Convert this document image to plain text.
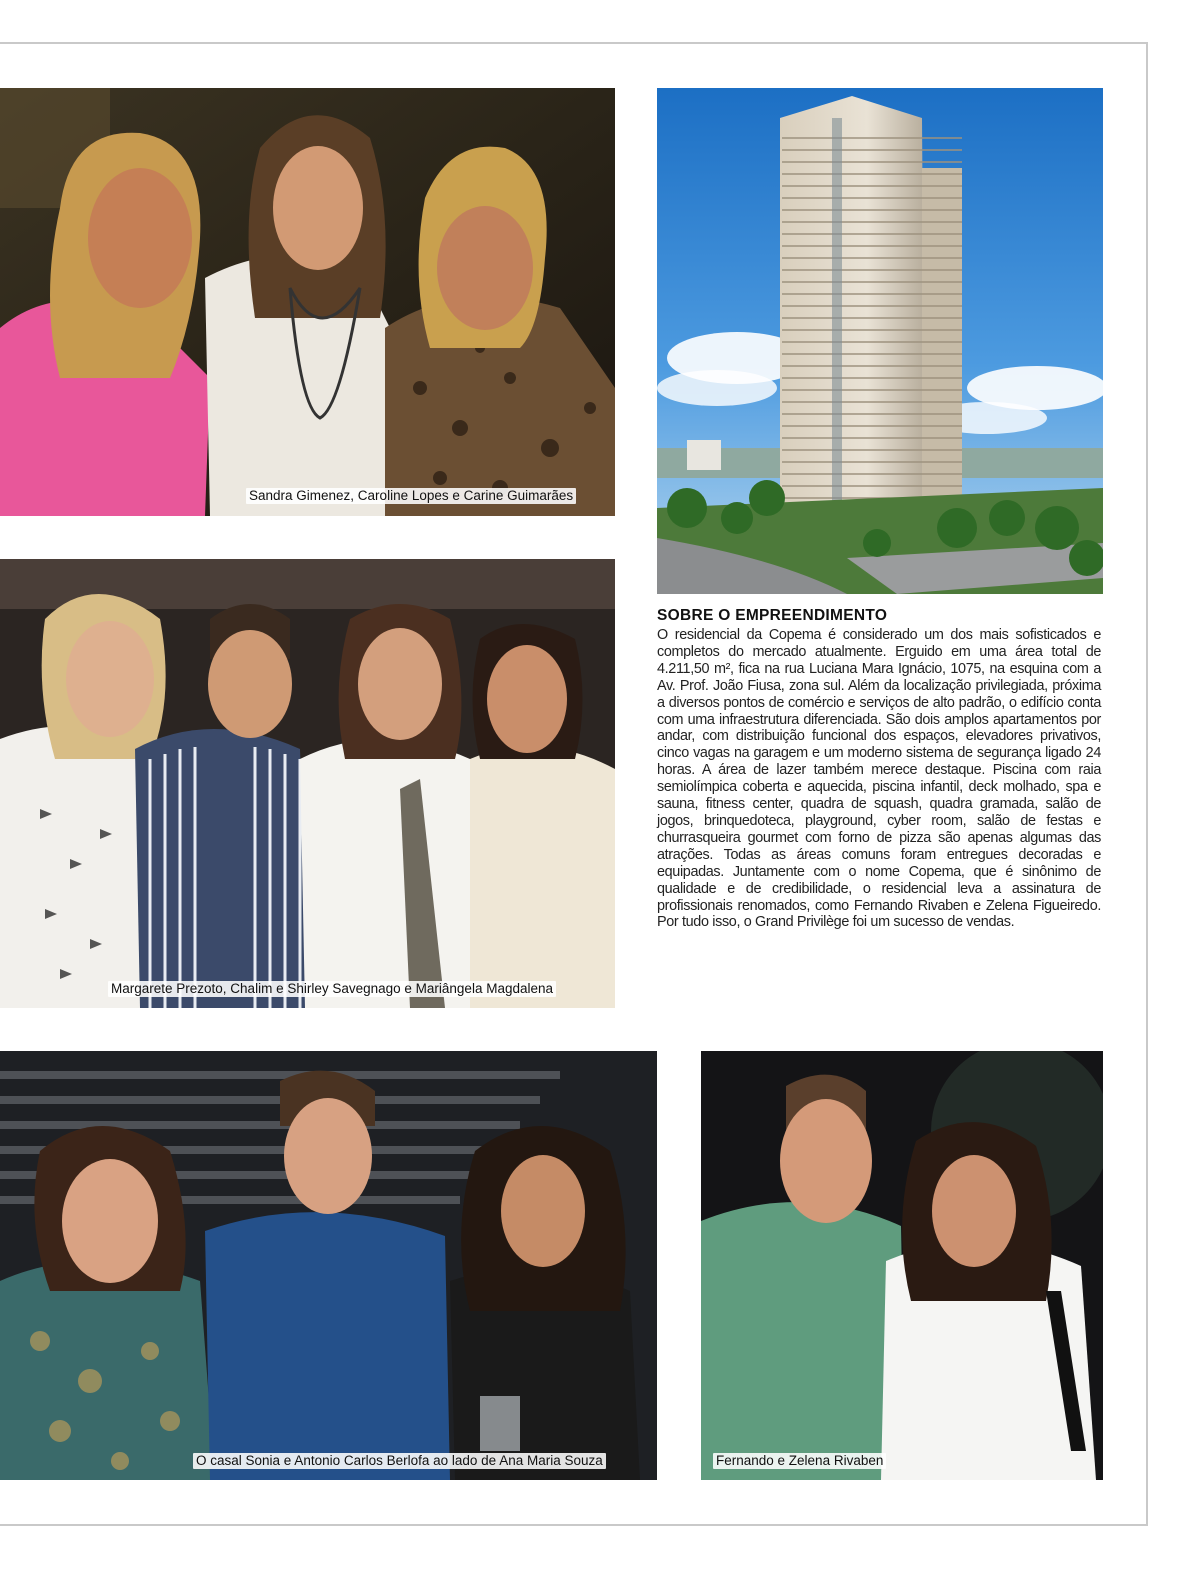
Sandra Gimenez, Caroline Lopes e Carine Guimarães
Margarete Prezoto, Chalim e Shirley Savegnago e Mariângela Magdalena
SOBRE O EMPREENDIMENTO
O residencial da Copema é considerado um dos mais sofisticados e completos do mercado atualmente. Erguido em uma área total de 4.211,50 m², fica na rua Luciana Mara Ignácio, 1075, na esquina com a Av. Prof. João Fiusa, zona sul. Além da localização privilegiada, próxima a diversos pontos de comércio e serviços de alto padrão, o edifício conta com uma infraestrutura diferenciada. São dois amplos apartamentos por andar, com distribuição funcional dos espaços, elevadores privativos, cinco vagas na garagem e um moderno sistema de segurança ligado 24 horas. A área de lazer também merece destaque. Piscina com raia semiolímpica coberta e aquecida, piscina infantil, deck molhado, spa e sauna, fitness center, quadra de squash, quadra gramada, salão de jogos, brinquedoteca, playground, cyber room, salão de festas e churrasqueira gourmet com forno de pizza são apenas algumas das atrações. Todas as áreas comuns foram entregues decoradas e equipadas. Juntamente com o nome Copema, que é sinônimo de qualidade e de credibilidade, o residencial leva a assinatura de profissionais renomados, como Fernando Rivaben e Zelena Figueiredo. Por tudo isso, o Grand Privilège foi um sucesso de vendas.
O casal Sonia e Antonio Carlos Berlofa ao lado de Ana Maria Souza	Fernando e Zelena Rivaben
